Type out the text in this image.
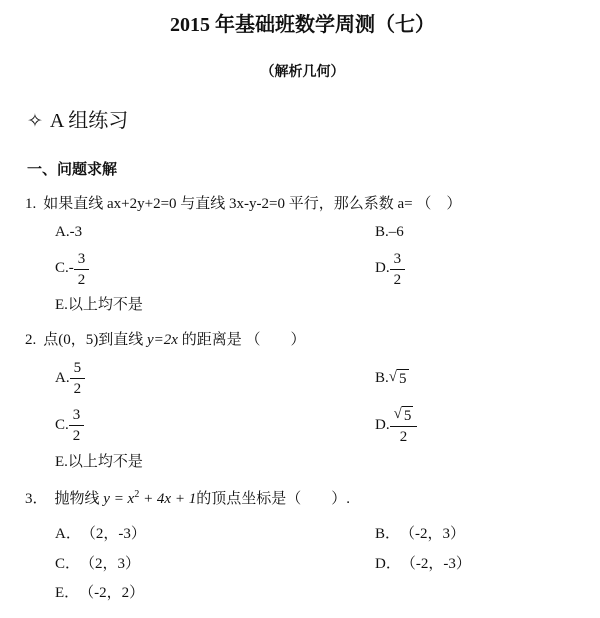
2015 年基础班数学周测（七）
（解析几何）
✧ A 组练习
一、问题求解
1. 如果直线 ax+2y+2=0 与直线 3x-y-2=0 平行，那么系数 a= （　）
A. -3	B. –6
C. - $\frac{3}{2}$	D. $\frac{3}{2}$
E. 以上均不是
2. 点(0，5)到直线 y=2x 的距离是 （　　）
A. $\frac{5}{2}$	B. √ 5
C. $\frac{3}{2}$	D. $\frac{√ 5}{2}$
E. 以上均不是
3． 抛物线 $y = x^2 + 4x + 1$的顶点坐标是（　　）.
A． （2，-3）	B． （-2，3）
C． （2，3）	D． （-2，-3）
E． （-2，2）
